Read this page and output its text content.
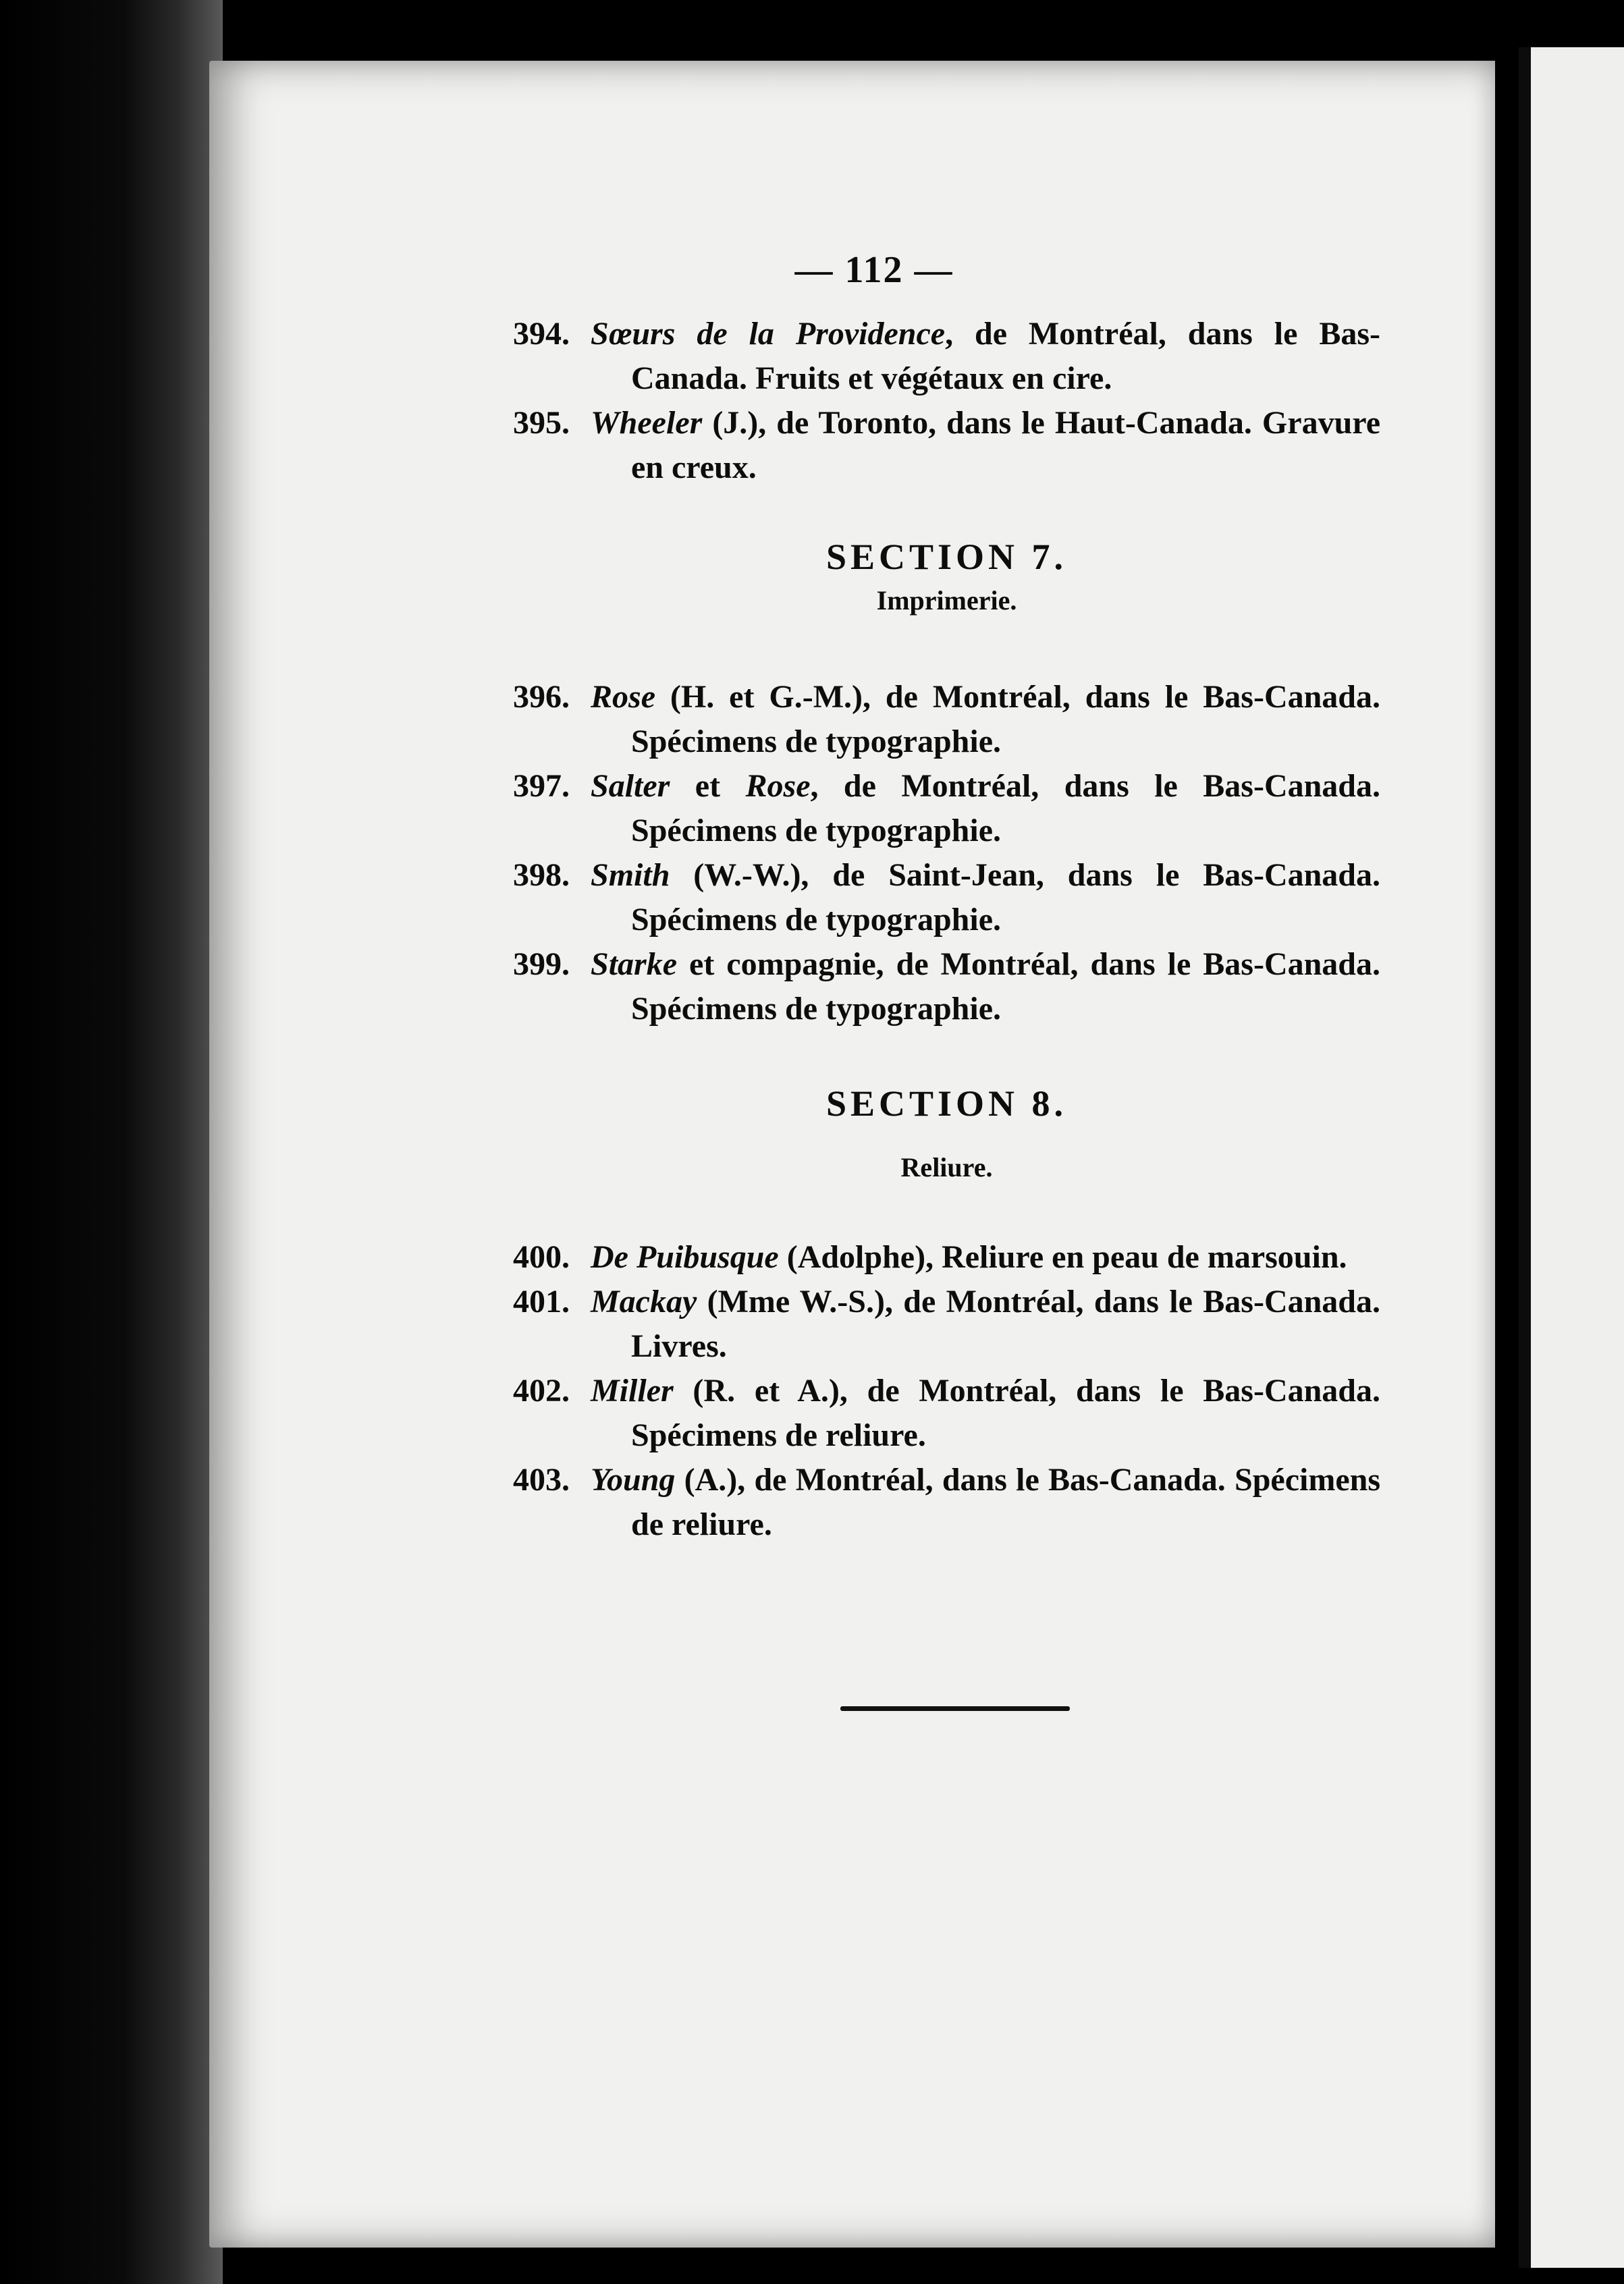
— 112 —
394. Sœurs de la Providence, de Montréal, dans le Bas-Canada. Fruits et végétaux en cire.
395. Wheeler (J.), de Toronto, dans le Haut-Canada. Gravure en creux.
SECTION 7.
Imprimerie.
396. Rose (H. et G.-M.), de Montréal, dans le Bas-Canada. Spécimens de typographie.
397. Salter et Rose, de Montréal, dans le Bas-Canada. Spécimens de typographie.
398. Smith (W.-W.), de Saint-Jean, dans le Bas-Canada. Spécimens de typographie.
399. Starke et compagnie, de Montréal, dans le Bas-Canada. Spécimens de typographie.
SECTION 8.
Reliure.
400. De Puibusque (Adolphe), Reliure en peau de marsouin.
401. Mackay (Mme W.-S.), de Montréal, dans le Bas-Canada. Livres.
402. Miller (R. et A.), de Montréal, dans le Bas-Canada. Spécimens de reliure.
403. Young (A.), de Montréal, dans le Bas-Canada. Spécimens de reliure.
